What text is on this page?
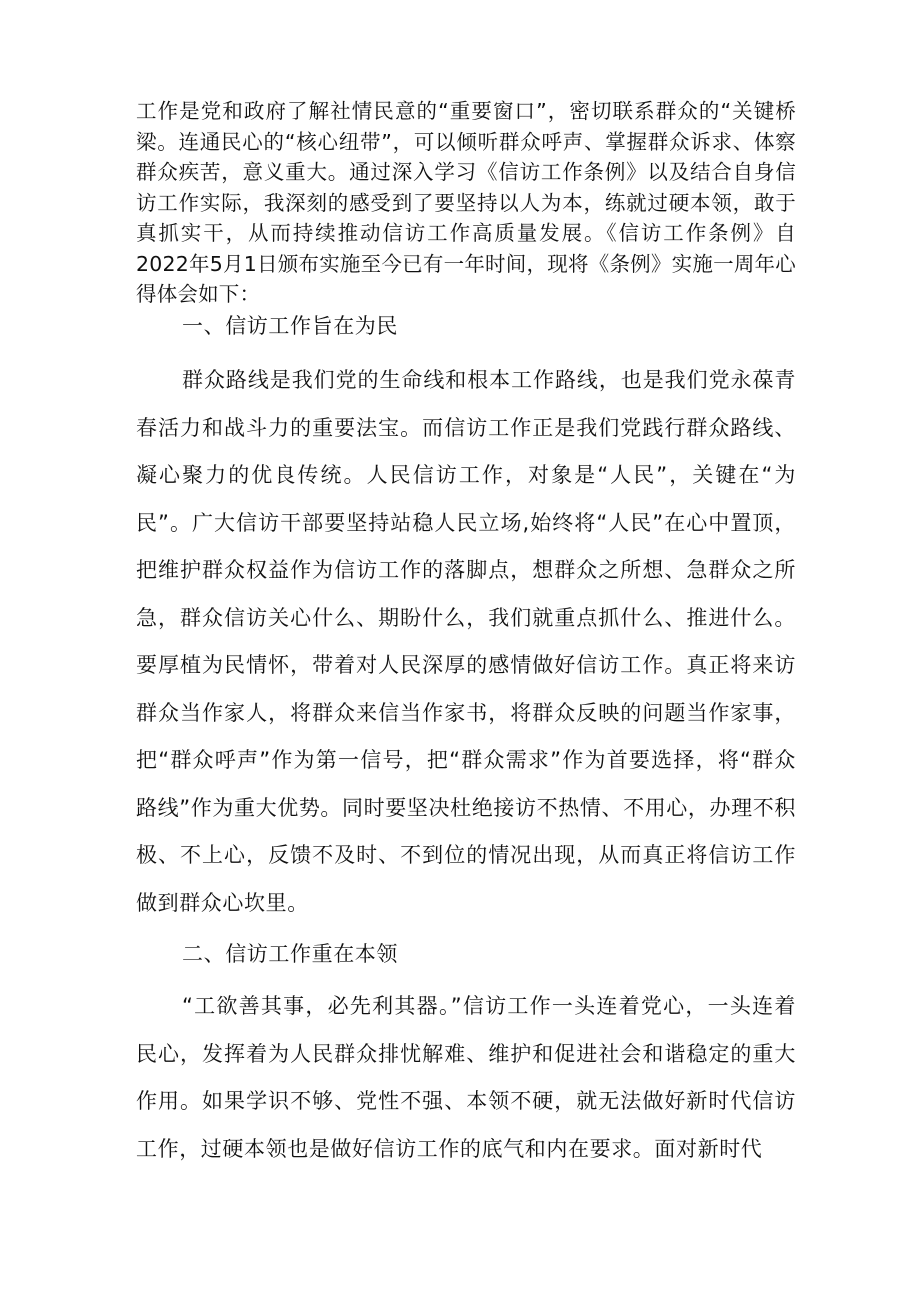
工作是党和政府了解社情民意的“重要窗口”，密切联系群众的“关键桥梁。连通民心的“核心纽带”，可以倾听群众呼声、掌握群众诉求、体察群众疾苦，意义重大。通过深入学习《信访工作条例》以及结合自身信访工作实际，我深刻的感受到了要坚持以人为本，练就过硬本领，敢于真抓实干，从而持续推动信访工作高质量发展。《信访工作条例》自2022年5月1日颁布实施至今已有一年时间，现将《条例》实施一周年心得体会如下：

一、信访工作旨在为民

群众路线是我们党的生命线和根本工作路线，也是我们党永葆青春活力和战斗力的重要法宝。而信访工作正是我们党践行群众路线、凝心聚力的优良传统。人民信访工作，对象是“人民”，关键在“为民”。广大信访干部要坚持站稳人民立场,始终将“人民”在心中置顶，把维护群众权益作为信访工作的落脚点，想群众之所想、急群众之所急，群众信访关心什么、期盼什么，我们就重点抓什么、推进什么。要厚植为民情怀，带着对人民深厚的感情做好信访工作。真正将来访群众当作家人，将群众来信当作家书，将群众反映的问题当作家事，把“群众呼声”作为第一信号，把“群众需求”作为首要选择，将“群众路线”作为重大优势。同时要坚决杜绝接访不热情、不用心，办理不积极、不上心，反馈不及时、不到位的情况出现，从而真正将信访工作做到群众心坎里。

二、信访工作重在本领

“工欲善其事，必先利其器。”信访工作一头连着党心，一头连着民心，发挥着为人民群众排忧解难、维护和促进社会和谐稳定的重大作用。如果学识不够、党性不强、本领不硬，就无法做好新时代信访工作，过硬本领也是做好信访工作的底气和内在要求。面对新时代
